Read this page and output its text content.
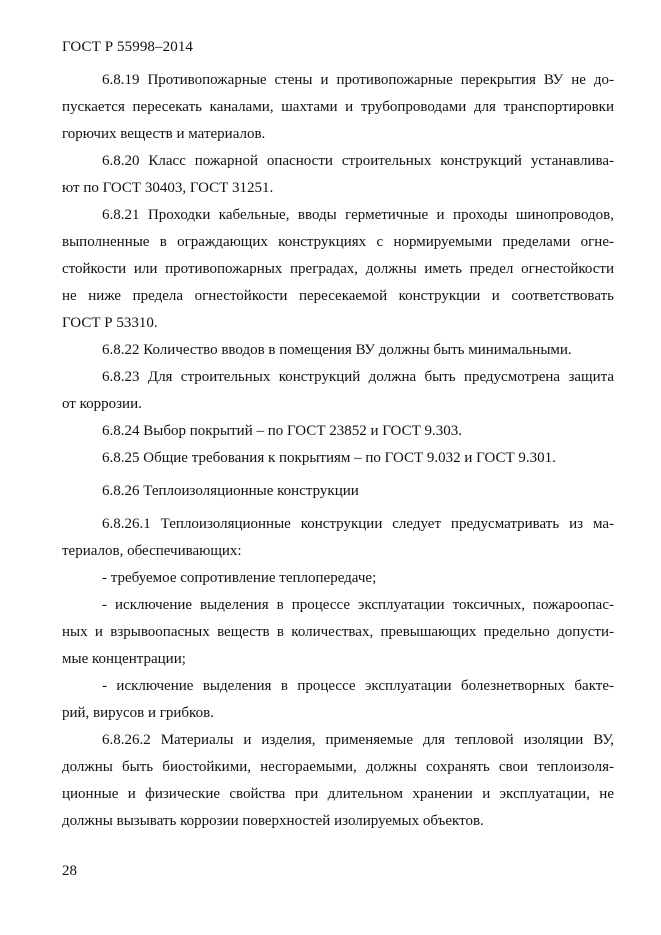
ГОСТ Р 55998–2014
6.8.19 Противопожарные стены и противопожарные перекрытия ВУ не до-
пускается пересекать каналами, шахтами и трубопроводами для транспортировки
горючих веществ и материалов.
6.8.20 Класс пожарной опасности строительных конструкций устанавлива-
ют по ГОСТ 30403, ГОСТ 31251.
6.8.21 Проходки кабельные, вводы герметичные и проходы шинопроводов,
выполненные в ограждающих конструкциях с нормируемыми пределами огне-
стойкости или противопожарных преградах, должны иметь предел огнестойкости
не ниже предела огнестойкости пересекаемой конструкции и соответствовать
ГОСТ Р 53310.
6.8.22 Количество вводов в помещения ВУ должны быть минимальными.
6.8.23 Для строительных конструкций должна быть предусмотрена защита
от коррозии.
6.8.24 Выбор покрытий – по ГОСТ 23852 и ГОСТ 9.303.
6.8.25 Общие требования к покрытиям – по ГОСТ 9.032 и ГОСТ 9.301.
6.8.26 Теплоизоляционные конструкции
6.8.26.1 Теплоизоляционные конструкции следует предусматривать из ма-
териалов, обеспечивающих:
- требуемое сопротивление теплопередаче;
- исключение выделения в процессе эксплуатации токсичных, пожароопас-
ных и взрывоопасных веществ в количествах, превышающих предельно допусти-
мые концентрации;
- исключение выделения в процессе эксплуатации болезнетворных бакте-
рий, вирусов и грибков.
6.8.26.2 Материалы и изделия, применяемые для тепловой изоляции ВУ,
должны быть биостойкими, несгораемыми, должны сохранять свои теплоизоля-
ционные и физические свойства при длительном хранении и эксплуатации, не
должны вызывать коррозии поверхностей изолируемых объектов.
28
